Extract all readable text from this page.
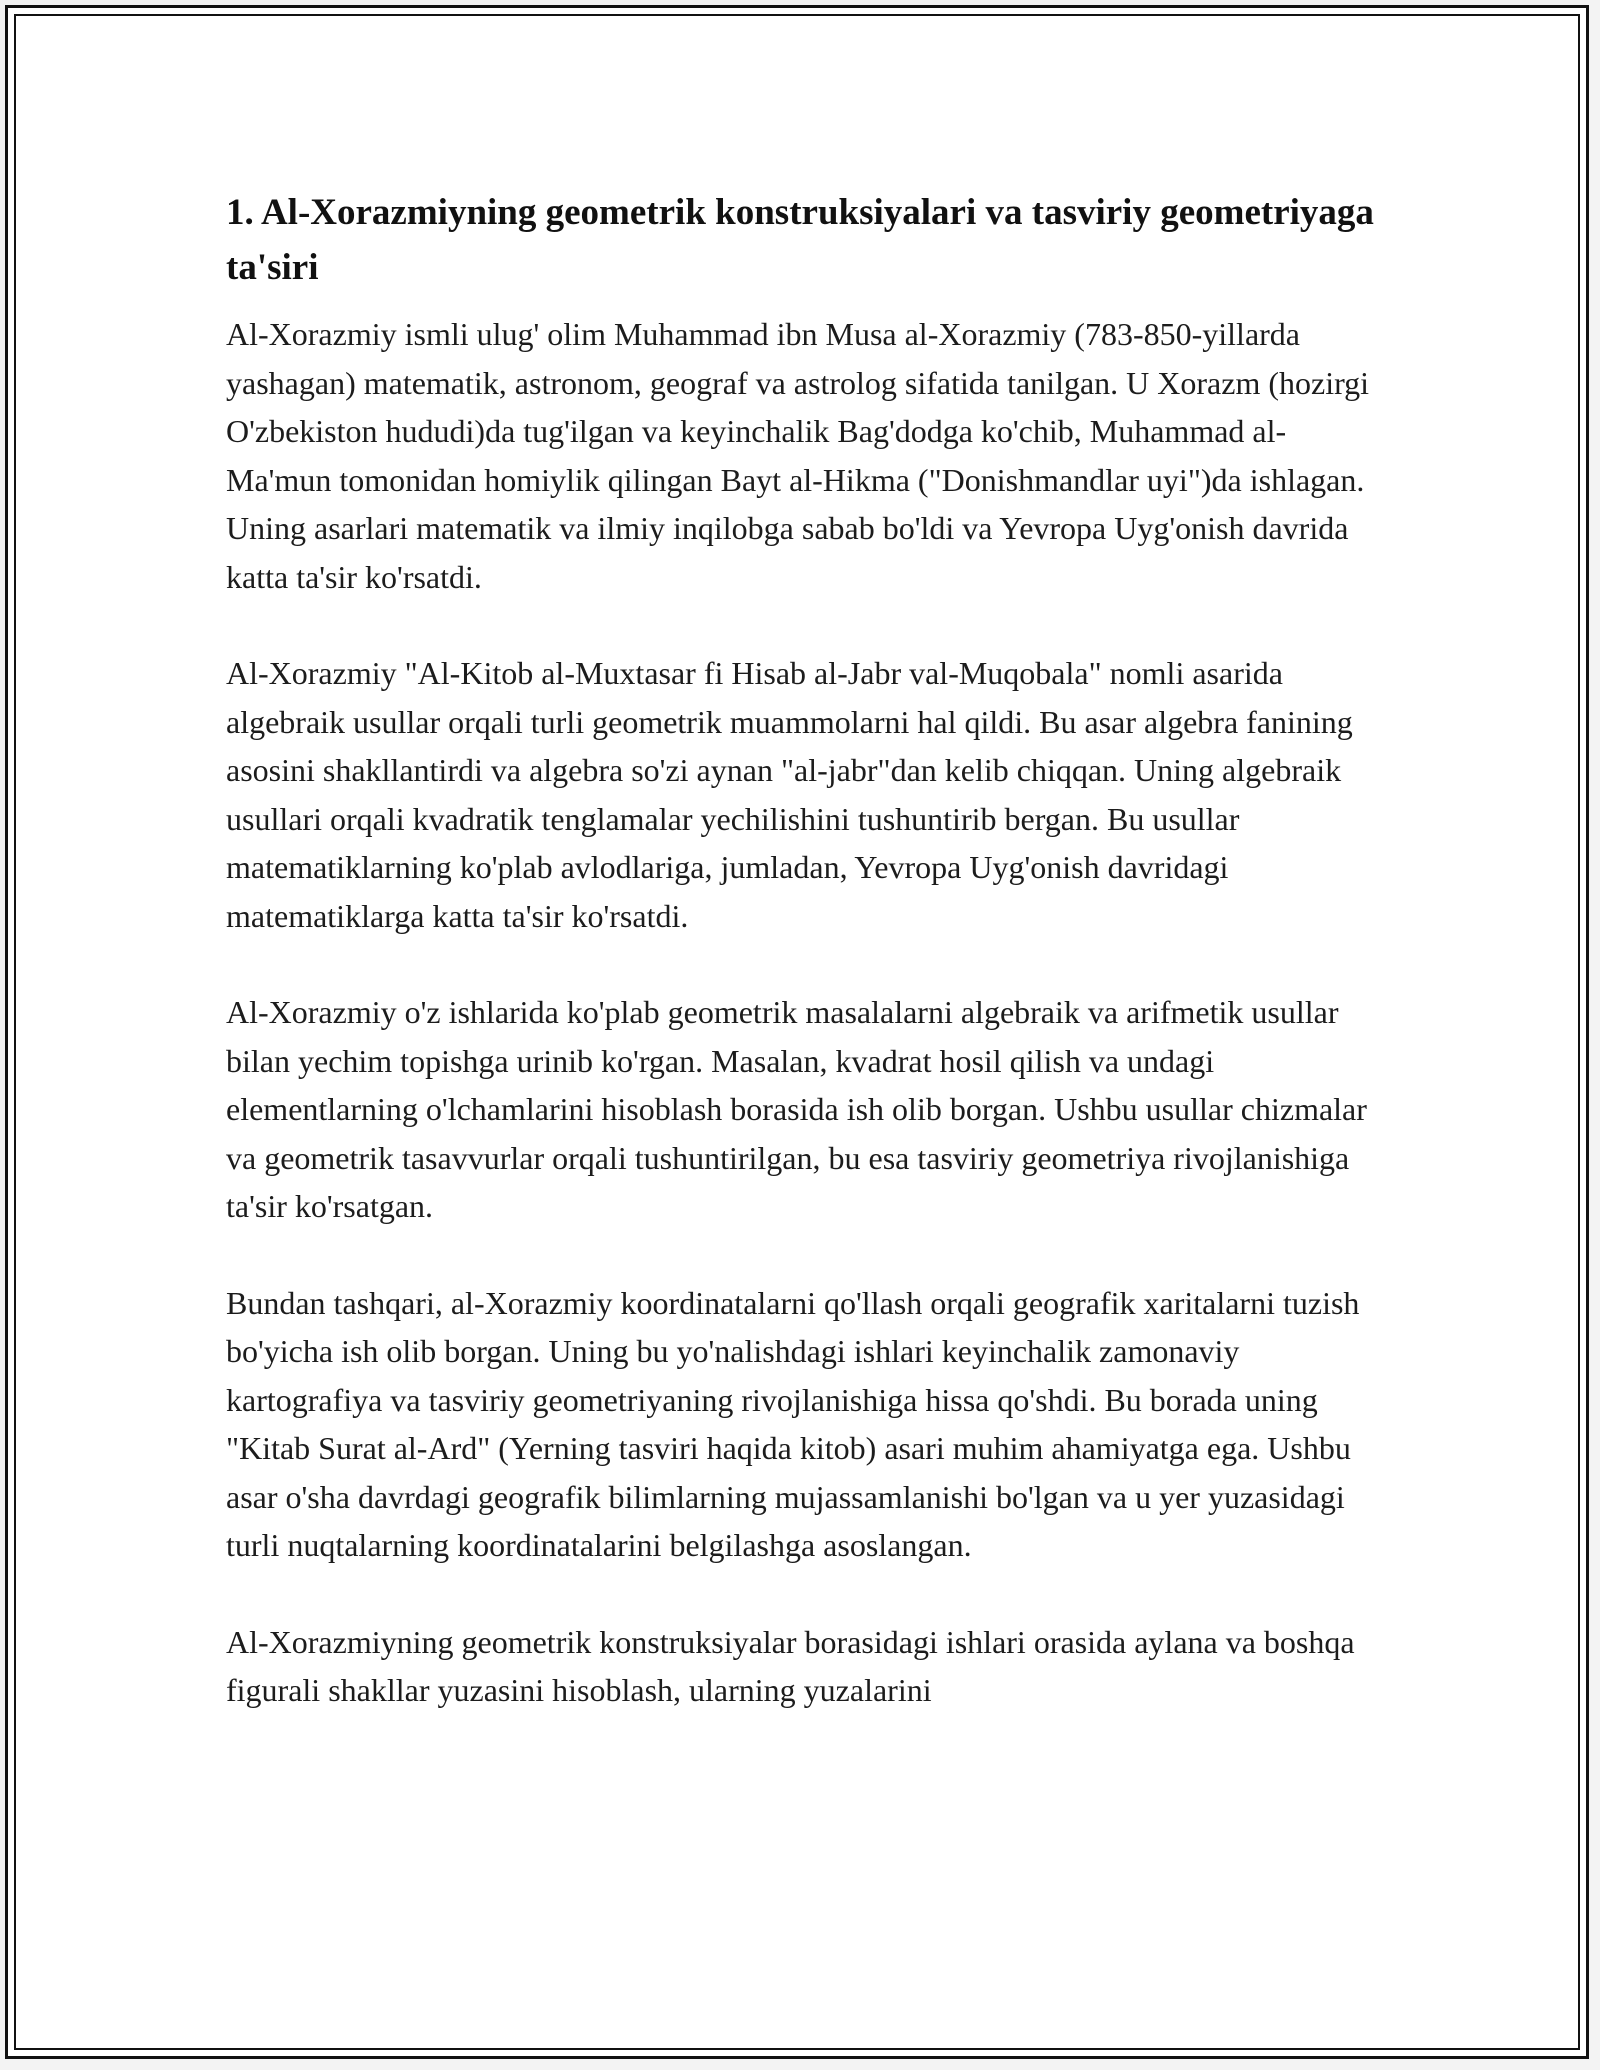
1. Al-Xorazmiyning geometrik konstruksiyalari va tasviriy geometriyaga ta'siri

Al-Xorazmiy ismli ulug' olim Muhammad ibn Musa al-Xorazmiy (783-850-yillarda yashagan) matematik, astronom, geograf va astrolog sifatida tanilgan. U Xorazm (hozirgi O'zbekiston hududi)da tug'ilgan va keyinchalik Bag'dodga ko'chib, Muhammad al-Ma'mun tomonidan homiylik qilingan Bayt al-Hikma ("Donishmandlar uyi")da ishlagan. Uning asarlari matematik va ilmiy inqilobga sabab bo'ldi va Yevropa Uyg'onish davrida katta ta'sir ko'rsatdi.

Al-Xorazmiy "Al-Kitob al-Muxtasar fi Hisab al-Jabr val-Muqobala" nomli asarida algebraik usullar orqali turli geometrik muammolarni hal qildi. Bu asar algebra fanining asosini shakllantirdi va algebra so'zi aynan "al-jabr"dan kelib chiqqan. Uning algebraik usullari orqali kvadratik tenglamalar yechilishini tushuntirib bergan. Bu usullar matematiklarning ko'plab avlodlariga, jumladan, Yevropa Uyg'onish davridagi matematiklarga katta ta'sir ko'rsatdi.

Al-Xorazmiy o'z ishlarida ko'plab geometrik masalalarni algebraik va arifmetik usullar bilan yechim topishga urinib ko'rgan. Masalan, kvadrat hosil qilish va undagi elementlarning o'lchamlarini hisoblash borasida ish olib borgan. Ushbu usullar chizmalar va geometrik tasavvurlar orqali tushuntirilgan, bu esa tasviriy geometriya rivojlanishiga ta'sir ko'rsatgan.

Bundan tashqari, al-Xorazmiy koordinatalarni qo'llash orqali geografik xaritalarni tuzish bo'yicha ish olib borgan. Uning bu yo'nalishdagi ishlari keyinchalik zamonaviy kartografiya va tasviriy geometriyaning rivojlanishiga hissa qo'shdi. Bu borada uning "Kitab Surat al-Ard" (Yerning tasviri haqida kitob) asari muhim ahamiyatga ega. Ushbu asar o'sha davrdagi geografik bilimlarning mujassamlanishi bo'lgan va u yer yuzasidagi turli nuqtalarning koordinatalarini belgilashga asoslangan.

Al-Xorazmiyning geometrik konstruksiyalar borasidagi ishlari orasida aylana va boshqa figurali shakllar yuzasini hisoblash, ularning yuzalarini
